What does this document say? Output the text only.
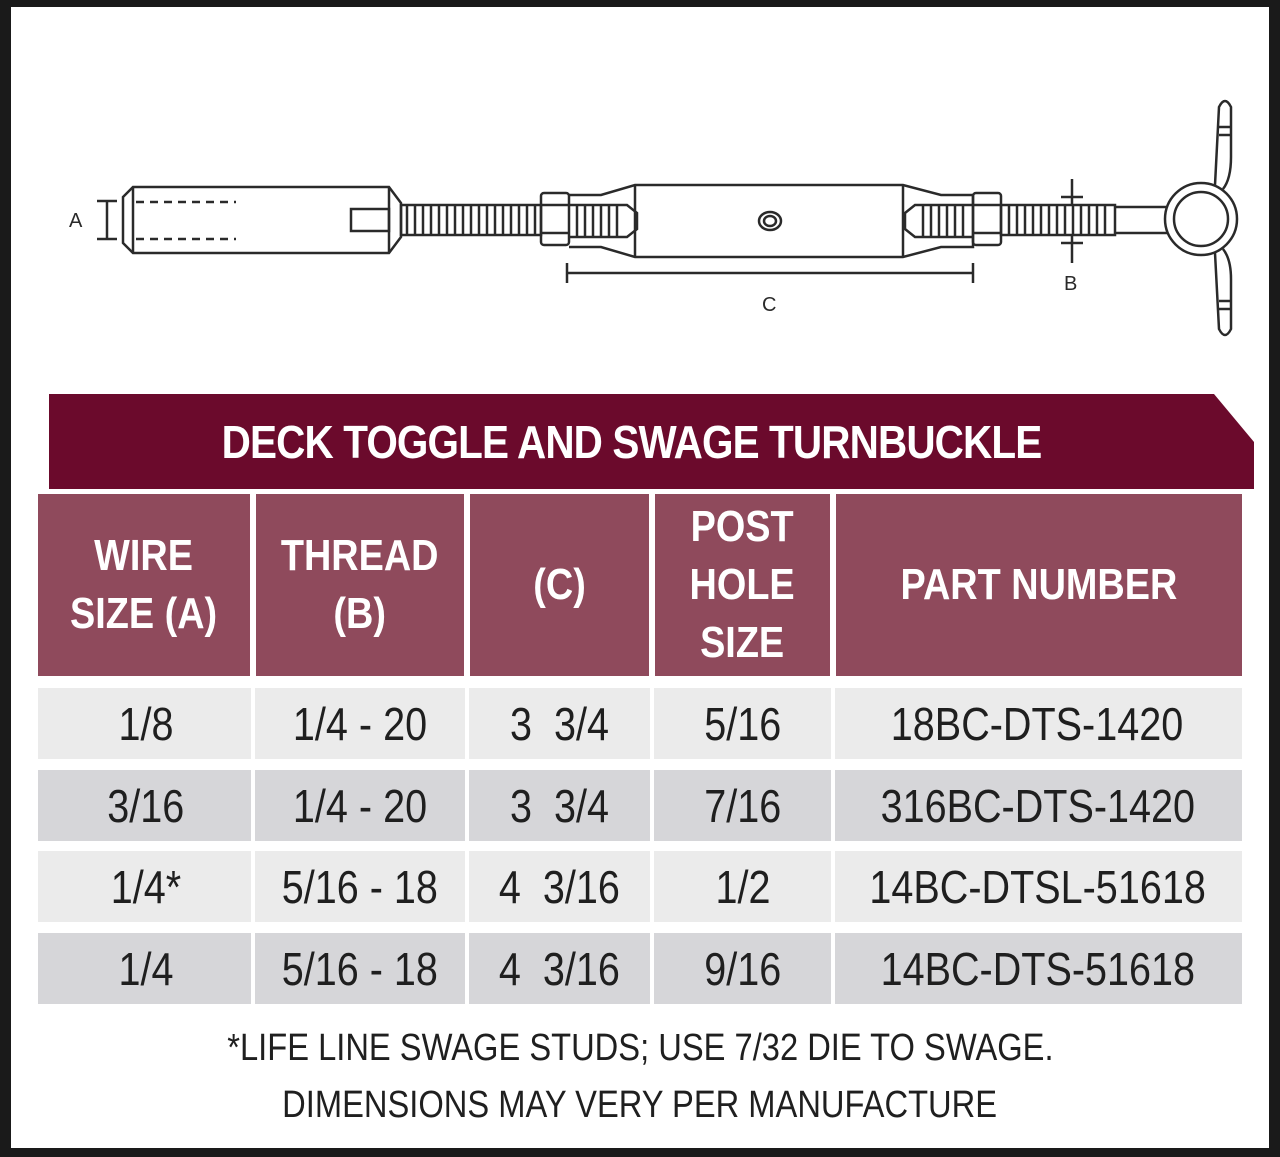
A
B
C
DECK TOGGLE AND SWAGE TURNBUCKLE
WIRE
SIZE (A)
THREAD
(B)
(C)
POST
HOLE
SIZE
PART NUMBER
1/8	1/4 - 20 3  3/4 5/16 18BC-DTS-1420
3/16 1/4 - 20 3  3/4 7/16 316BC-DTS-1420
1/4* 5/16 - 18 4  3/16 1/2 14BC-DTSL-51618
1/4 5/16 - 18 4  3/16 9/16 14BC-DTS-51618
*LIFE LINE SWAGE STUDS; USE 7/32 DIE TO SWAGE.
DIMENSIONS MAY VERY PER MANUFACTURE
